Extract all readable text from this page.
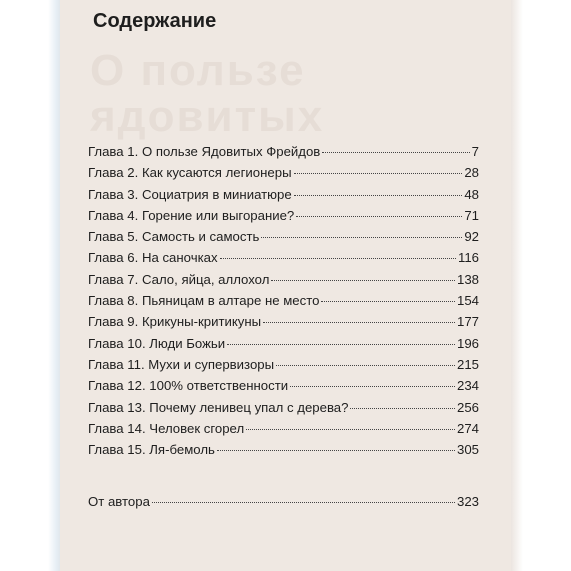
О пользе ядовитых
Содержание
Глава 1. О пользе Ядовитых Фрейдов	7
Глава 2. Как кусаются легионеры	28
Глава 3. Социатрия в миниатюре	48
Глава 4. Горение или выгорание?	71
Глава 5. Самость и самость	92
Глава 6. На саночках	116
Глава 7. Сало, яйца, аллохол	138
Глава 8. Пьяницам в алтаре не место	154
Глава 9. Крикуны-критикуны	177
Глава 10. Люди Божьи	196
Глава 11. Мухи и супервизоры	215
Глава 12. 100% ответственности	234
Глава 13. Почему ленивец упал с дерева?	256
Глава 14. Человек сгорел	274
Глава 15. Ля-бемоль	305
От автора	323
